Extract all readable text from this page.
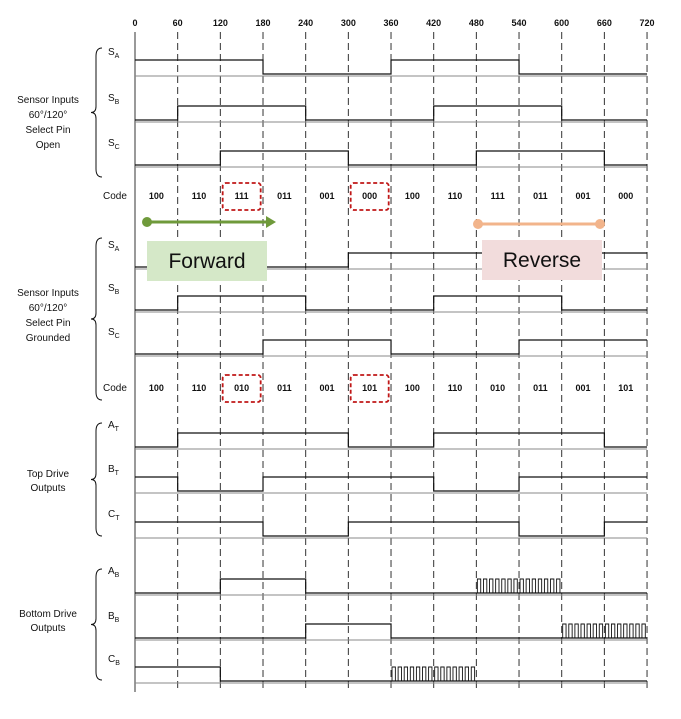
0	60	120	180	240	300	360	420	480	540	600	660	720
Sensor Inputs
60°/120°
Select Pin
Open
Sensor Inputs
60°/120°
Select Pin
Grounded
Top Drive
Outputs
Bottom Drive
Outputs
$S_A$
$S_B$
$S_C$
$S_A$
$S_B$
$S_C$
$A_T$
$B_T$
$C_T$
$A_B$
$B_B$
$C_B$
Code 100	110	111	011	001	000	100	110	111	011	001	000
Code 100	110	010	011	001	101	100	110	010	011	001	101
Forward	Reverse
